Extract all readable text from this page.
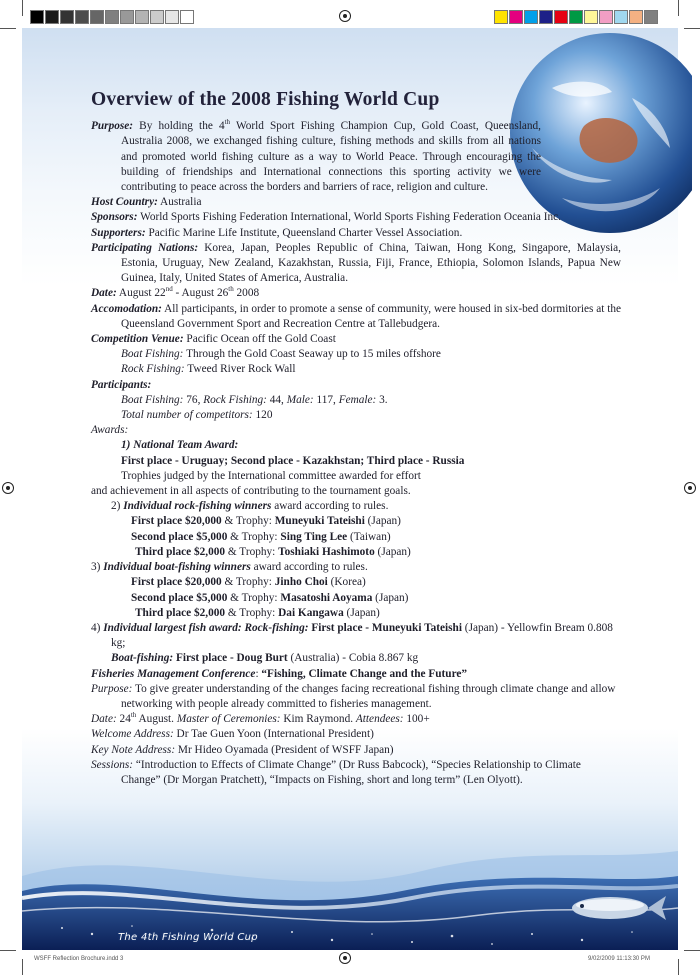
The 4th Fishing World Cup
Overview of the 2008 Fishing World Cup

Purpose: By holding the 4th World Sport Fishing Champion Cup, Gold Coast, Queensland, Australia 2008, we exchanged fishing culture, fishing methods and skills from all nations and promoted world fishing culture as a way to World Peace. Through encouraging the building of friendships and International connections this sporting activity we were contributing to peace across the borders and barriers of race, religion and culture.

Host Country: Australia

Sponsors: World Sports Fishing Federation International, World Sports Fishing Federation Oceania Inc.

Supporters: Pacific Marine Life Institute, Queensland Charter Vessel Association.

Participating Nations: Korea, Japan, Peoples Republic of China, Taiwan, Hong Kong, Singapore, Malaysia, Estonia, Uruguay, New Zealand, Kazakhstan, Russia, Fiji, France, Ethiopia, Solomon Islands, Papua New Guinea, Italy, United States of America, Australia.

Date: August 22nd - August 26th 2008

Accomodation: All participants, in order to promote a sense of community, were housed in six-bed dormitories at the Queensland Government Sport and Recreation Centre at Tallebudgera.

Competition Venue: Pacific Ocean off the Gold Coast

Boat Fishing: Through the Gold Coast Seaway up to 15 miles offshore

Rock Fishing: Tweed River Rock Wall

Participants:

Boat Fishing: 76, Rock Fishing: 44, Male: 117, Female: 3.

Total number of competitors: 120

Awards:

1) National Team Award:

First place - Uruguay; Second place - Kazakhstan; Third place - Russia

Trophies judged by the International committee awarded for effort

and achievement in all aspects of contributing to the tournament goals.

2) Individual rock-fishing winners award according to rules.

First place $20,000 & Trophy: Muneyuki Tateishi (Japan)

Second place $5,000 & Trophy: Sing Ting Lee (Taiwan)

Third place $2,000 & Trophy: Toshiaki Hashimoto (Japan)

3) Individual boat-fishing winners award according to rules.

First place $20,000 & Trophy: Jinho Choi (Korea)

Second place $5,000 & Trophy: Masatoshi Aoyama (Japan)

Third place $2,000 & Trophy: Dai Kangawa (Japan)

4) Individual largest fish award: Rock-fishing: First place - Muneyuki Tateishi (Japan) - Yellowfin Bream 0.808 kg;

Boat-fishing: First place - Doug Burt (Australia) - Cobia 8.867 kg

Fisheries Management Conference: “Fishing, Climate Change and the Future”

Purpose: To give greater understanding of the changes facing recreational fishing through climate change and allow networking with people already committed to fisheries management.

Date: 24th August. Master of Ceremonies: Kim Raymond. Attendees: 100+

Welcome Address: Dr Tae Guen Yoon (International President)

Key Note Address: Mr Hideo Oyamada (President of WSFF Japan)

Sessions: “Introduction to Effects of Climate Change” (Dr Russ Babcock), “Species Relationship to Climate Change” (Dr Morgan Pratchett), “Impacts on Fishing, short and long term” (Len Olyott).

WSFF Reflection Brochure.indd 3	9/02/2009 11:13:30 PM
